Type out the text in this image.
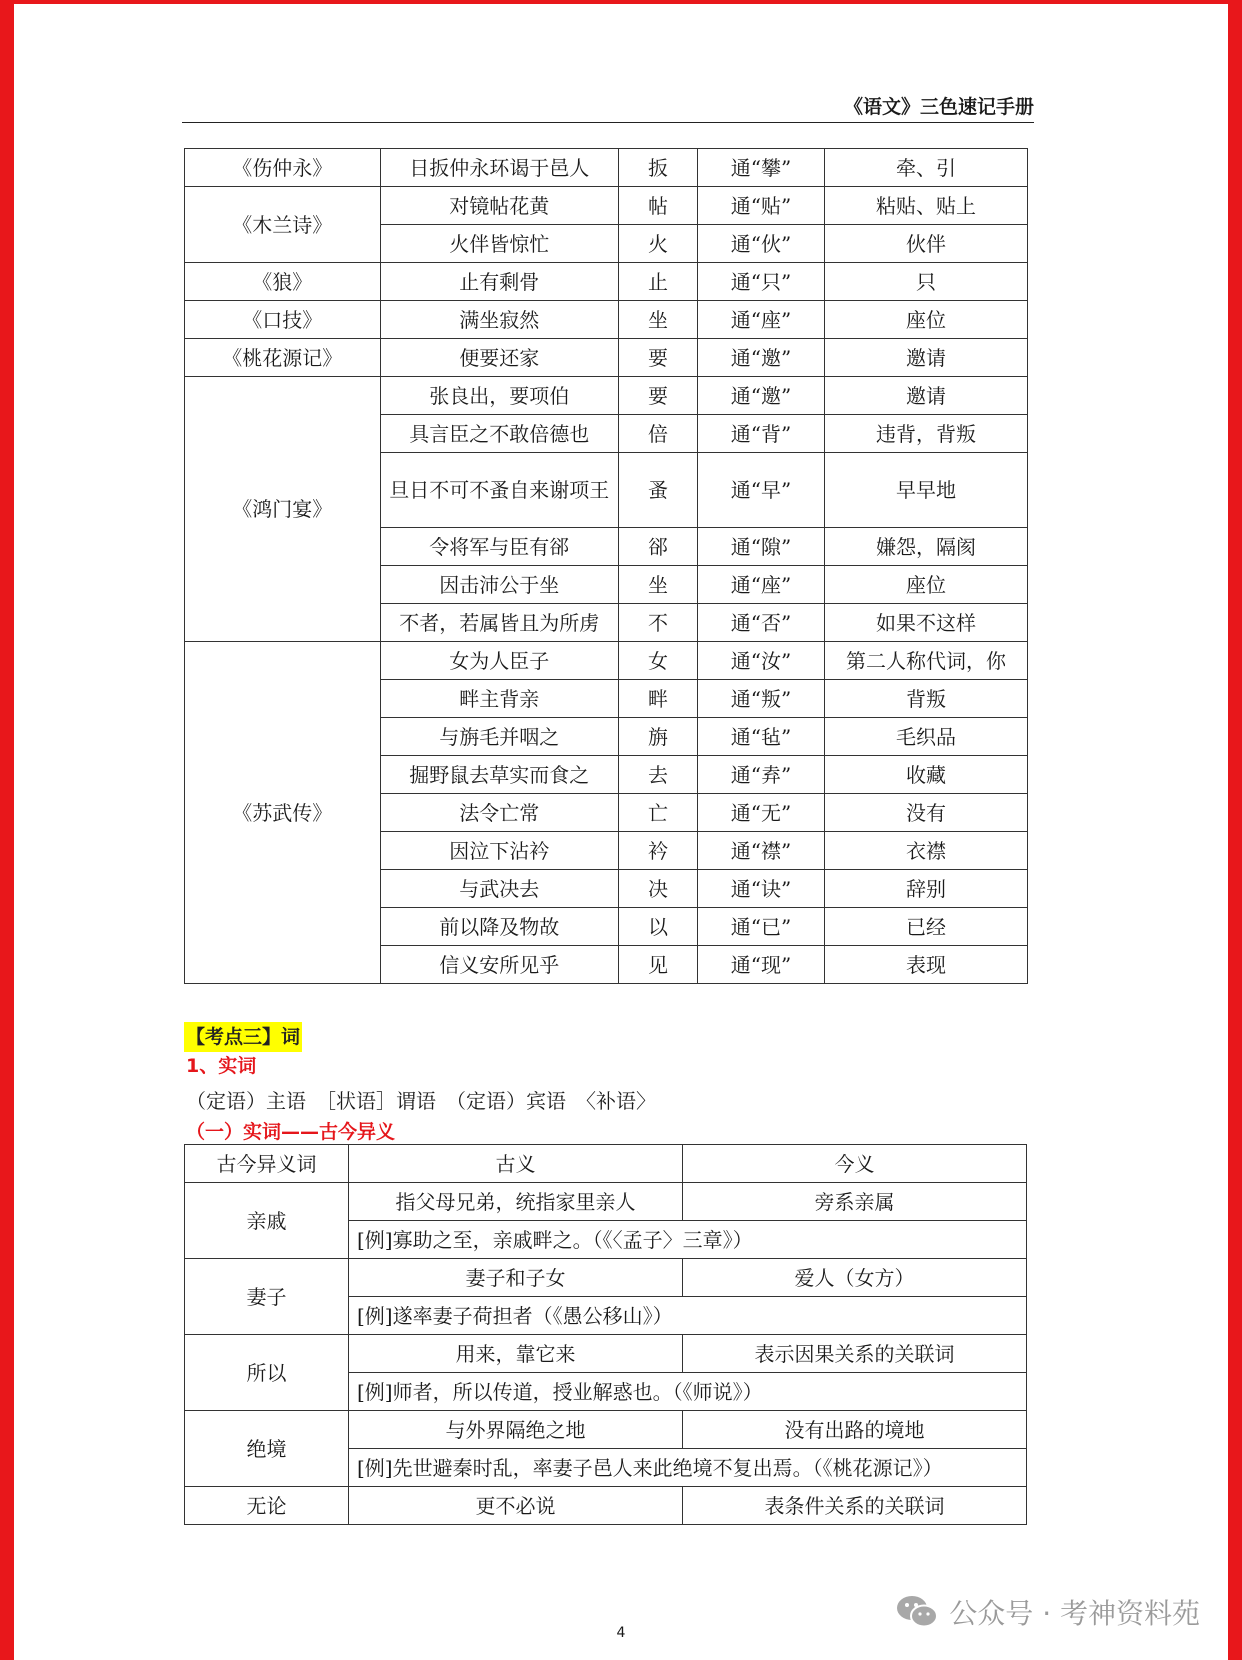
《语文》三色速记手册
《伤仲永》	日扳仲永环谒于邑人	扳	通“攀”	牵、引
《木兰诗》	对镜帖花黄	帖	通“贴”	粘贴、贴上
	火伴皆惊忙	火	通“伙”	伙伴
《狼》	止有剩骨	止	通“只”	只
《口技》	满坐寂然	坐	通“座”	座位
《桃花源记》	便要还家	要	通“邀”	邀请
《鸿门宴》	张良出，要项伯	要	通“邀”	邀请
	具言臣之不敢倍德也	倍	通“背”	违背，背叛
	旦日不可不蚤自来谢项王	蚤	通“早”	早早地
	令将军与臣有郤	郤	通“隙”	嫌怨，隔阂
	因击沛公于坐	坐	通“座”	座位
	不者，若属皆且为所虏	不	通“否”	如果不这样
《苏武传》	女为人臣子	女	通“汝”	第二人称代词，你
	畔主背亲	畔	通“叛”	背叛
	与旃毛并咽之	旃	通“毡”	毛织品
	掘野鼠去草实而食之	去	通“弆”	收藏
	法令亡常	亡	通“无”	没有
	因泣下沾衿	衿	通“襟”	衣襟
	与武决去	决	通“诀”	辞别
	前以降及物故	以	通“已”	已经
	信义安所见乎	见	通“现”	表现
【考点三】词
1、实词
（定语）主语　［状语］谓语　（定语）宾语　〈补语〉
（一）实词——古今异义
古今异义词	古义	今义
亲戚	指父母兄弟，统指家里亲人	旁系亲属
	[例]寡助之至，亲戚畔之。（《〈孟子〉三章》）	
妻子	妻子和子女	爱人（女方）
	[例]遂率妻子荷担者（《愚公移山》）	
所以	用来，靠它来	表示因果关系的关联词
	[例]师者，所以传道，授业解惑也。（《师说》）	
绝境	与外界隔绝之地	没有出路的境地
	[例]先世避秦时乱，率妻子邑人来此绝境不复出焉。（《桃花源记》）	
无论	更不必说	表条件关系的关联词
4
公众号 · 考神资料苑
